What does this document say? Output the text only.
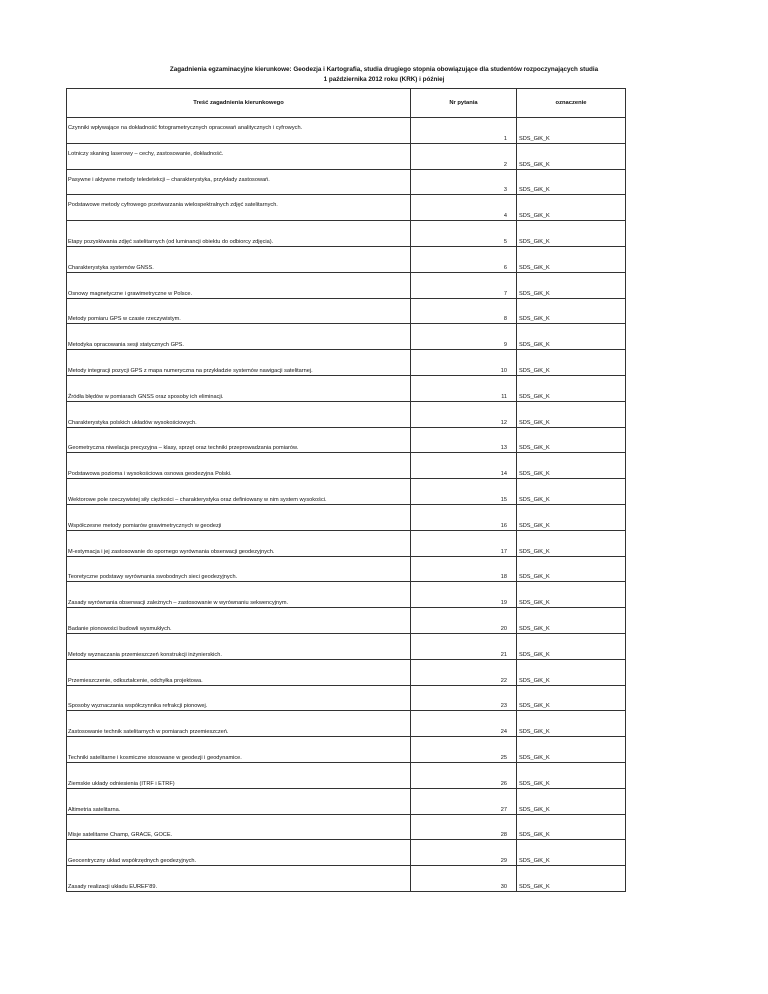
Zagadnienia egzaminacyjne kierunkowe: Geodezja i Kartografia, studia drugiego stopnia obowiązujące dla studentów rozpoczynających studia
1 października 2012 roku (KRK) i później
Treść zagadnienia kierunkowego	Nr pytania	oznaczenie
Czynniki wpływające na dokładność fotogrametrycznych opracowań analitycznych i cyfrowych.	1	SDS_GiK_K
Lotniczy skaning laserowy – cechy, zastosowanie, dokładność.	2	SDS_GiK_K
Pasywne i aktywne metody teledetekcji – charakterystyka, przykłady zastosowań.	3	SDS_GiK_K
Podstawowe metody cyfrowego przetwarzania wielospektralnych zdjęć satelitarnych.	4	SDS_GiK_K
Etapy pozyskiwania zdjęć satelitarnych (od luminancji obiektu do odbiorcy zdjęcia).	5	SDS_GiK_K
Charakterystyka systemów GNSS.	6	SDS_GiK_K
Osnowy magnetyczne i grawimetryczne w Polsce.	7	SDS_GiK_K
Metody pomiaru GPS w czasie rzeczywistym.	8	SDS_GiK_K
Metodyka opracowania sesji statycznych GPS.	9	SDS_GiK_K
Metody integracji pozycji GPS z mapa numeryczna na przykładzie systemów nawigacji satelitarnej.	10	SDS_GiK_K
Źródła błędów w pomiarach GNSS oraz sposoby ich eliminacji.	11	SDS_GiK_K
Charakterystyka polskich układów wysokościowych.	12	SDS_GiK_K
Geometryczna niwelacja precyzyjna – klasy, sprzęt oraz techniki przeprowadzania pomiarów.	13	SDS_GiK_K
Podstawowa pozioma i wysokościowa osnowa geodezyjna Polski.	14	SDS_GiK_K
Wektorowe pole rzeczywistej siły ciężkości – charakterystyka oraz definiowany w nim system wysokości.	15	SDS_GiK_K
Współczesne metody pomiarów grawimetrycznych w geodezji	16	SDS_GiK_K
M-estymacja i jej zastosowanie do opornego wyrównania obserwacji geodezyjnych.	17	SDS_GiK_K
Teoretyczne podstawy wyrównania swobodnych sieci geodezyjnych.	18	SDS_GiK_K
Zasady wyrównania obserwacji zależnych – zastosowanie w wyrównaniu sekwencyjnym.	19	SDS_GiK_K
Badanie pionowości budowli wysmukłych.	20	SDS_GiK_K
Metody wyznaczania przemieszczeń konstrukcji inżynierskich.	21	SDS_GiK_K
Przemieszczenie, odkształcenie, odchyłka projektowa.	22	SDS_GiK_K
Sposoby wyznaczania współczynnika refrakcji pionowej.	23	SDS_GiK_K
Zastosowanie technik satelitarnych w pomiarach przemieszczeń.	24	SDS_GiK_K
Techniki satelitarne i kosmiczne stosowane w geodezji i geodynamice.	25	SDS_GiK_K
Ziemskie układy odniesienia (ITRF i ETRF)	26	SDS_GiK_K
Altimetria satelitarna.	27	SDS_GiK_K
Misje satelitarne Champ, GRACE, GOCE.	28	SDS_GiK_K
Geocentryczny układ współrzędnych geodezyjnych.	29	SDS_GiK_K
Zasady realizacji układu EUREF'89.	30	SDS_GiK_K
